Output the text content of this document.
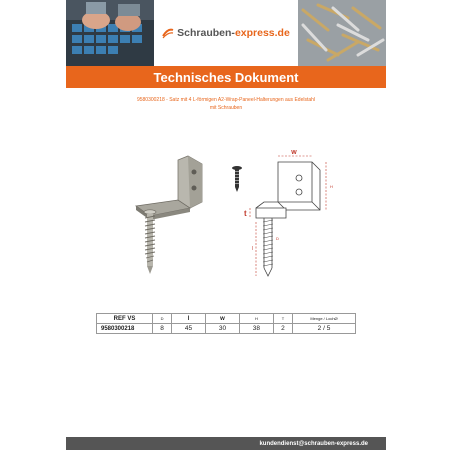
Schrauben-express.de
Technisches Dokument
9580300218 - Satz mit 4 L-förmigen A2-Wrap-Paneel-Halterungen aus Edelstahl
mit Schrauben
w
H
t
D
l
REF VS	D	l	w	H	T	Menge / LochØ
9580300218	8	45	30	38	2	2 / 5
kundendienst@schrauben-express.de
